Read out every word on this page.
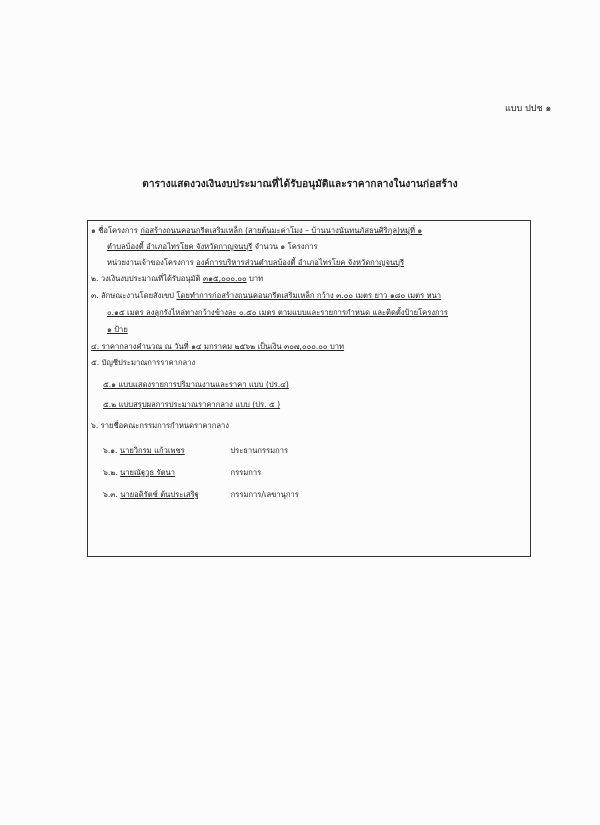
แบบ ปปช ๑
ตารางแสดงวงเงินงบประมาณที่ได้รับอนุมัติและราคากลางในงานก่อสร้าง
๑ ชื่อโครงการ ก่อสร้างถนนคอนกรีตเสริมเหล็ก (สายต้นมะค่าโมง – บ้านนางนันทนภัสธนศิริกุล)หมู่ที่ ๑
ตำบลบ้องตี้ อำเภอไทรโยค จังหวัดกาญจนบุรี จำนวน ๑ โครงการ
หน่วยงานเจ้าของโครงการ องค์การบริหารส่วนตำบลบ้องตี้ อำเภอไทรโยค จังหวัดกาญจนบุรี
๒. วงเงินงบประมาณที่ได้รับอนุมัติ ๓๑๕,๐๐๐.๐๐ บาท
๓. ลักษณะงานโดยสังเขป โดยทำการก่อสร้างถนนคอนกรีตเสริมเหล็ก กว้าง ๓.๐๐ เมตร ยาว ๑๘๐ เมตร หนา
๐.๑๕ เมตร ลงลูกรังไหล่ทางกว้างข้างละ ๐.๕๐ เมตร ตามแบบและรายการกำหนด และติดตั้งป้ายโครงการ
๑ ป้าย
๔. ราคากลางคำนวณ ณ วันที่ ๑๔ มกราคม ๒๕๖๒ เป็นเงิน ๓๐๗,๐๐๐.๐๐ บาท
๕. บัญชีประมาณการราคากลาง
๕.๑ แบบแสดงรายการปริมาณงานและราคา แบบ (ปร.๔)
๕.๒ แบบสรุปผลการประมาณราคากลาง แบบ (ปร. ๕ )
๖. รายชื่อคณะกรรมการกำหนดราคากลาง
๖.๑. นายวิกรม แก้วเพชร	ประธานกรรมการ
๖.๒. นายณัฐวุธ รัตนา	กรรมการ
๖.๓. นายอดิรัตช์ ต้นประเสริฐ	กรรมการ/เลขานุการ
